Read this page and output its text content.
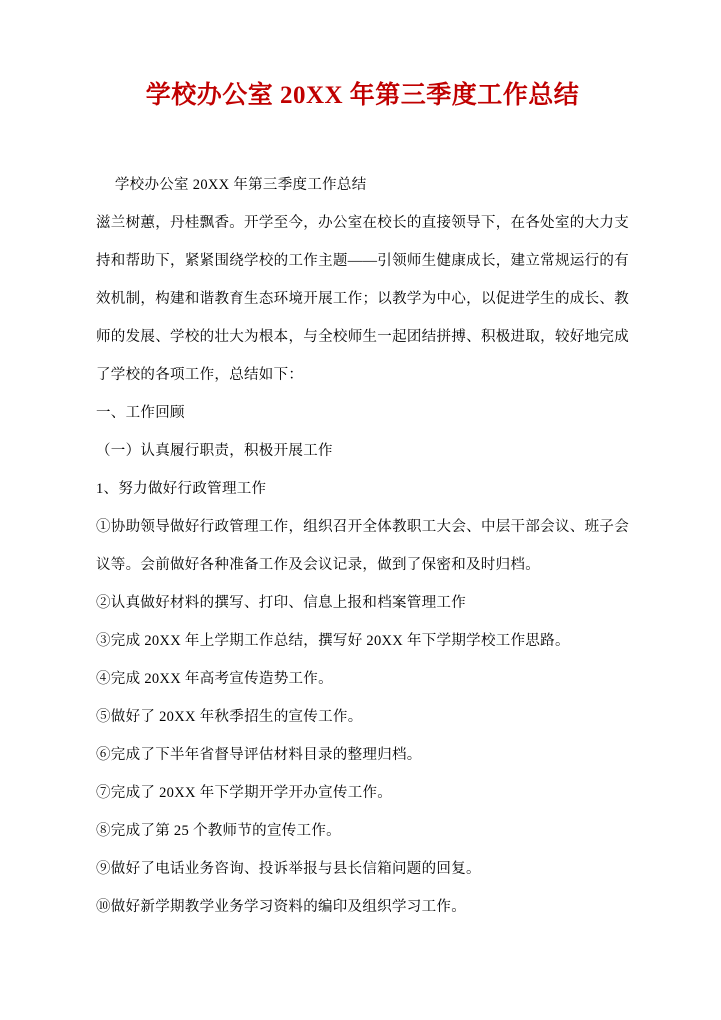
学校办公室 20XX 年第三季度工作总结

学校办公室 20XX 年第三季度工作总结

滋兰树蕙，丹桂飘香。开学至今，办公室在校长的直接领导下，在各处室的大力支持和帮助下，紧紧围绕学校的工作主题——引领师生健康成长，建立常规运行的有效机制，构建和谐教育生态环境开展工作；以教学为中心，以促进学生的成长、教师的发展、学校的壮大为根本，与全校师生一起团结拼搏、积极进取，较好地完成了学校的各项工作，总结如下：

一、工作回顾

（一）认真履行职责，积极开展工作

1、努力做好行政管理工作

①协助领导做好行政管理工作，组织召开全体教职工大会、中层干部会议、班子会议等。会前做好各种准备工作及会议记录，做到了保密和及时归档。

②认真做好材料的撰写、打印、信息上报和档案管理工作

③完成 20XX 年上学期工作总结，撰写好 20XX 年下学期学校工作思路。

④完成 20XX 年高考宣传造势工作。

⑤做好了 20XX 年秋季招生的宣传工作。

⑥完成了下半年省督导评估材料目录的整理归档。

⑦完成了 20XX 年下学期开学开办宣传工作。

⑧完成了第 25 个教师节的宣传工作。

⑨做好了电话业务咨询、投诉举报与县长信箱问题的回复。

⑩做好新学期教学业务学习资料的编印及组织学习工作。
